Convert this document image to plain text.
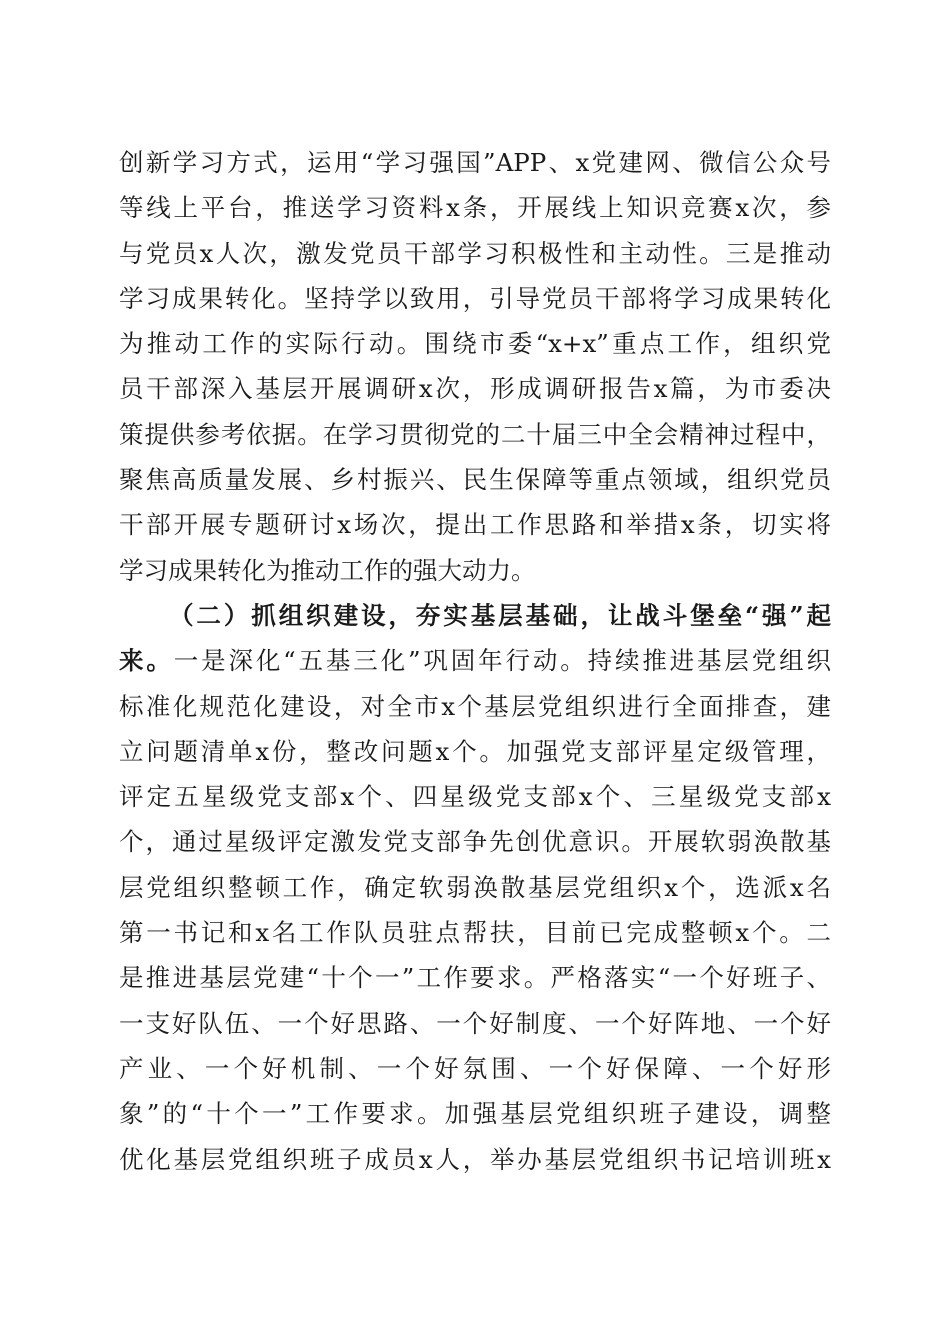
创新学习方式，运用“学习强国”APP、x党建网、微信公众号
等线上平台，推送学习资料x条，开展线上知识竞赛x次，参
与党员x人次，激发党员干部学习积极性和主动性。三是推动
学习成果转化。坚持学以致用，引导党员干部将学习成果转化
为推动工作的实际行动。围绕市委“x+x”重点工作，组织党
员干部深入基层开展调研x次，形成调研报告x篇，为市委决
策提供参考依据。在学习贯彻党的二十届三中全会精神过程中，
聚焦高质量发展、乡村振兴、民生保障等重点领域，组织党员
干部开展专题研讨x场次，提出工作思路和举措x条，切实将
学习成果转化为推动工作的强大动力。
（二）抓组织建设，夯实基层基础，让战斗堡垒“强”起
来。一是深化“五基三化”巩固年行动。持续推进基层党组织
标准化规范化建设，对全市x个基层党组织进行全面排查，建
立问题清单x份，整改问题x个。加强党支部评星定级管理，
评定五星级党支部x个、四星级党支部x个、三星级党支部x
个，通过星级评定激发党支部争先创优意识。开展软弱涣散基
层党组织整顿工作，确定软弱涣散基层党组织x个，选派x名
第一书记和x名工作队员驻点帮扶，目前已完成整顿x个。二
是推进基层党建“十个一”工作要求。严格落实“一个好班子、
一支好队伍、一个好思路、一个好制度、一个好阵地、一个好
产业、一个好机制、一个好氛围、一个好保障、一个好形
象”的“十个一”工作要求。加强基层党组织班子建设，调整
优化基层党组织班子成员x人，举办基层党组织书记培训班x
